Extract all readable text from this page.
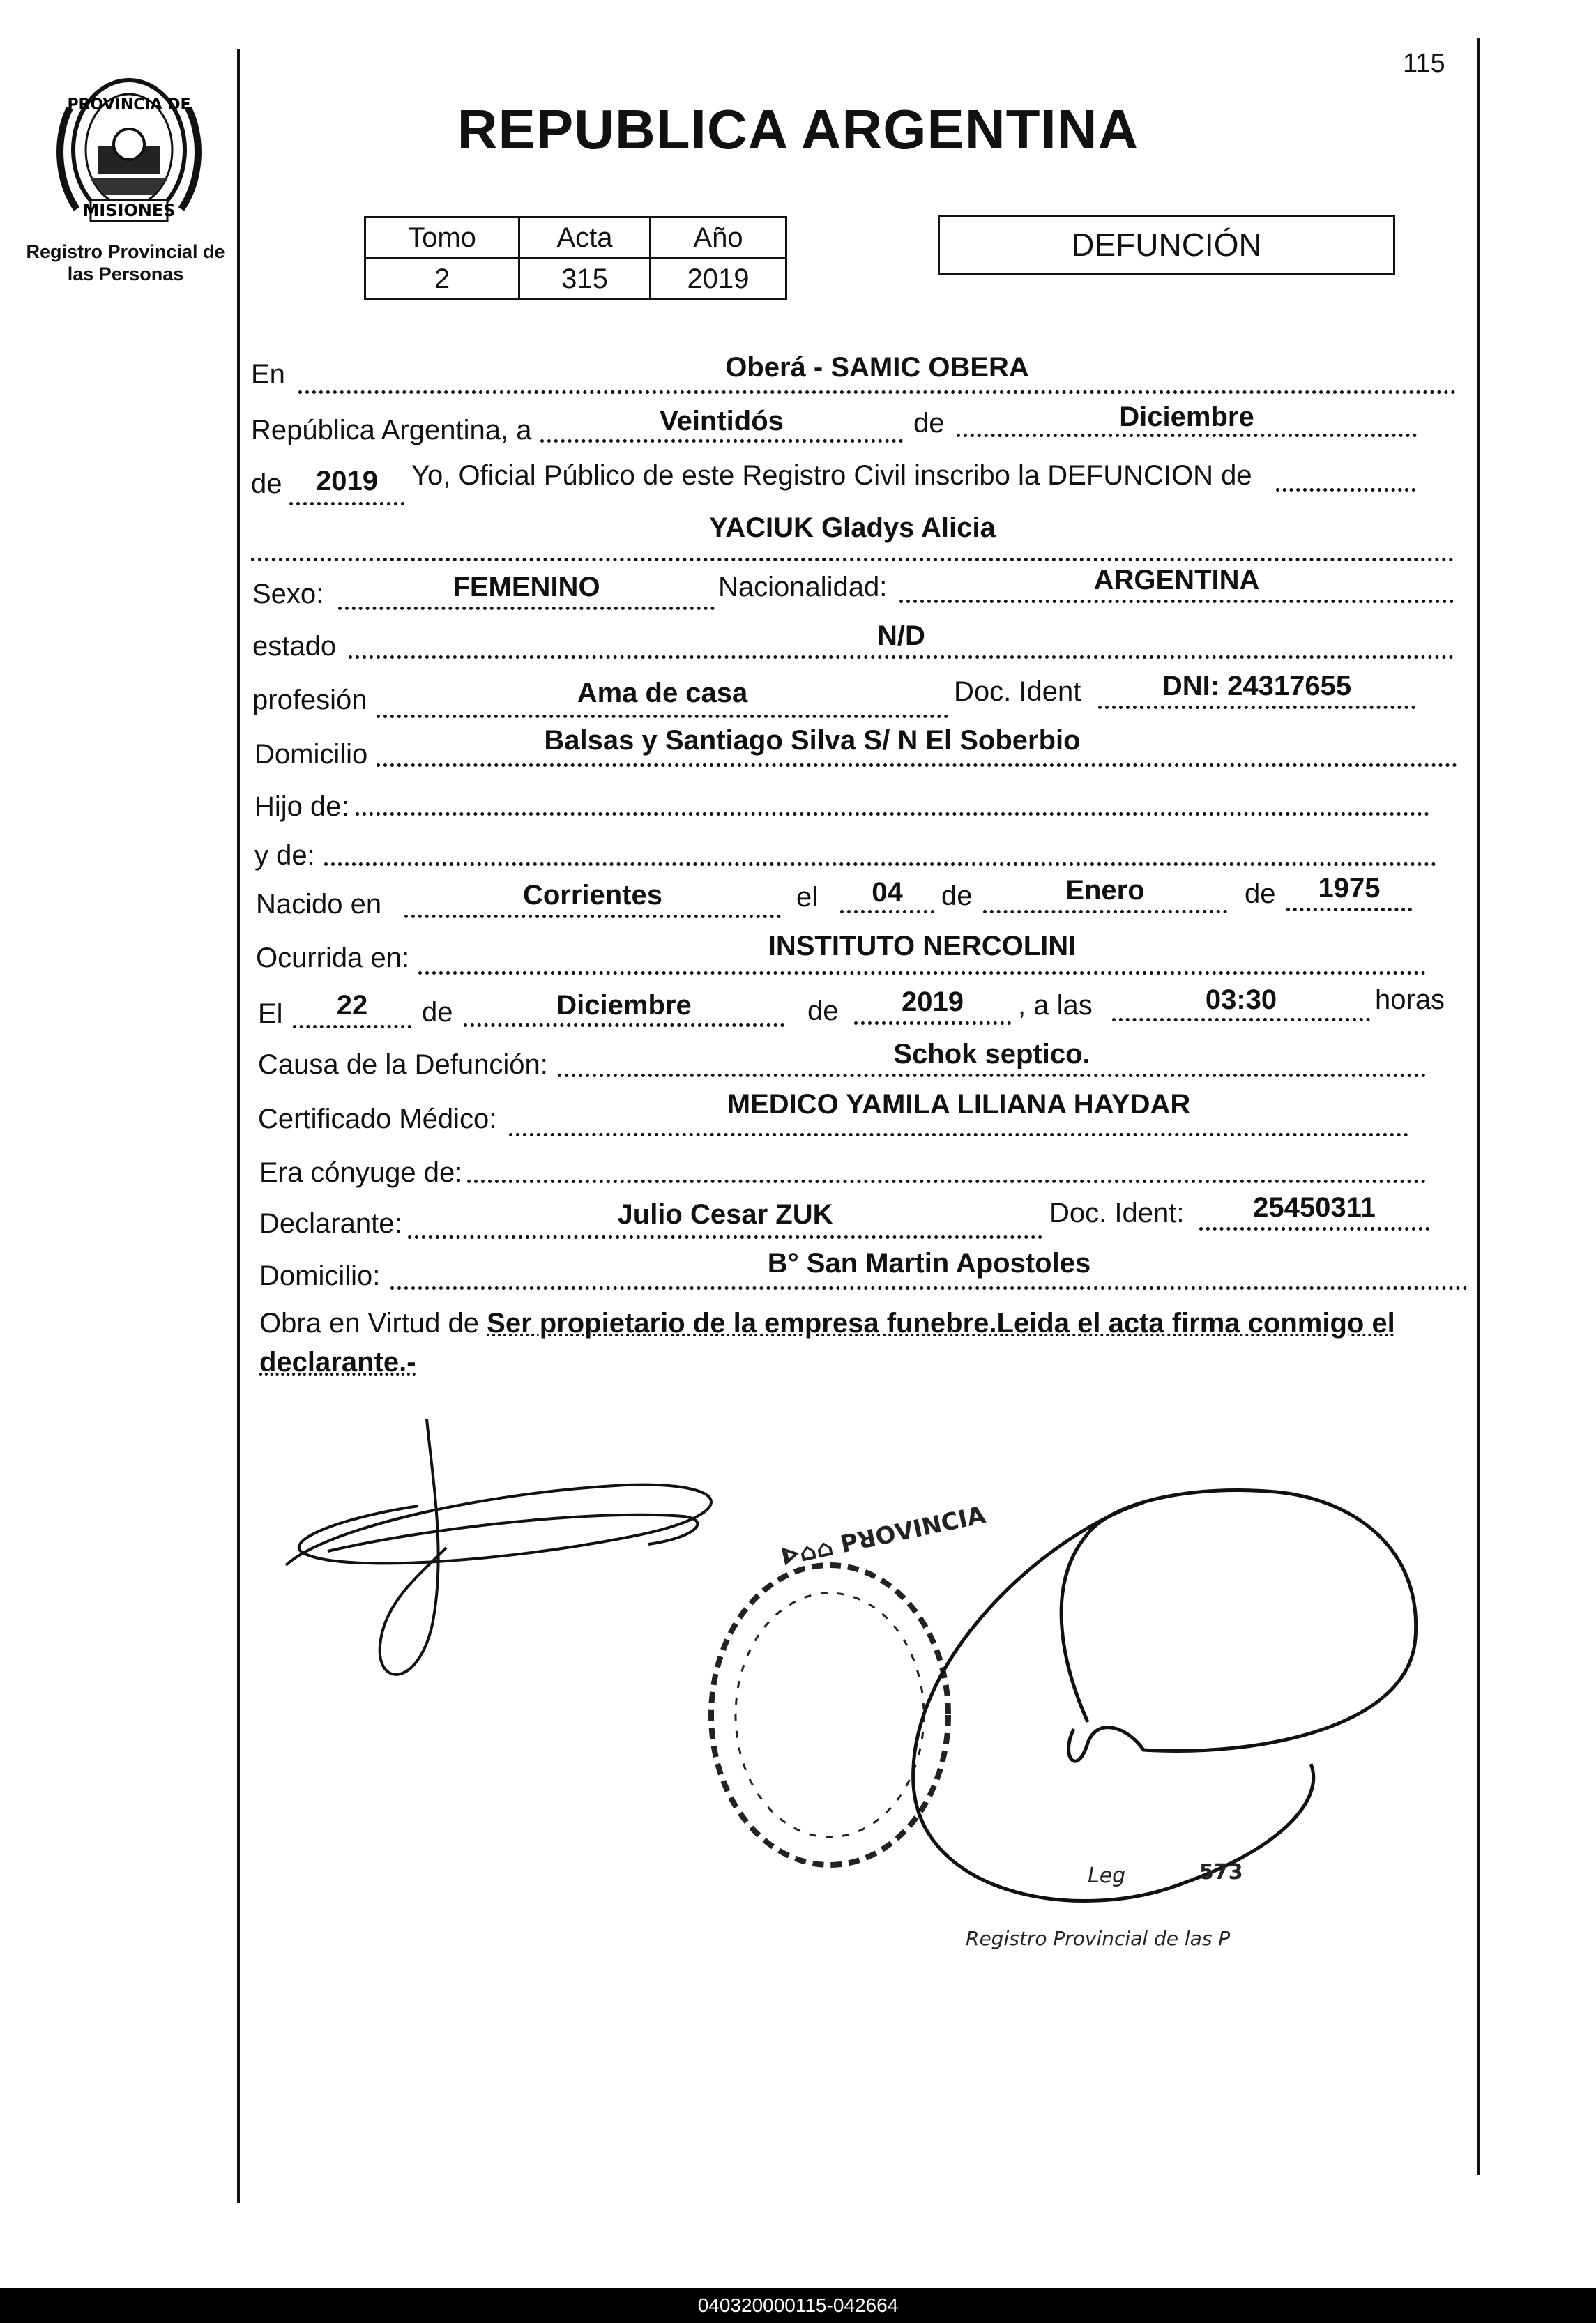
115
PROVINCIA DE
MISIONES
Registro Provincial de
las Personas
REPUBLICA ARGENTINA
Tomo	Acta	Año
2	315	2019
DEFUNCIÓN
En	Oberá - SAMIC OBERA
República Argentina, a	Veintidós	de	Diciembre
de	2019	Yo, Oficial Público de este Registro Civil inscribo la DEFUNCION de
YACIUK Gladys Alicia
Sexo:	FEMENINO	Nacionalidad:	ARGENTINA
estado	N/D
profesión	Ama de casa	Doc. Ident	DNI: 24317655
Domicilio	Balsas y Santiago Silva S/ N El Soberbio
Hijo de:
y de:
Nacido en	Corrientes	el	04	de	Enero	de	1975
Ocurrida en:	INSTITUTO NERCOLINI
El	22	de	Diciembre	de	2019	, a las	03:30	horas
Causa de la Defunción:	Schok septico.
Certificado Médico:	MEDICO YAMILA LILIANA HAYDAR
Era cónyuge de:
Declarante:	Julio Cesar ZUK	Doc. Ident:	25450311
Domicilio:	B° San Martin Apostoles
Obra en Virtud de Ser propietario de la empresa funebre.Leida el acta firma conmigo el
declarante.-
ᐈ⌂⌂ ꓑꓤꓳᐯꓲꓠꓚꓲꓮ
Leg	573
Registro Provincial de las P
040320000115-042664
